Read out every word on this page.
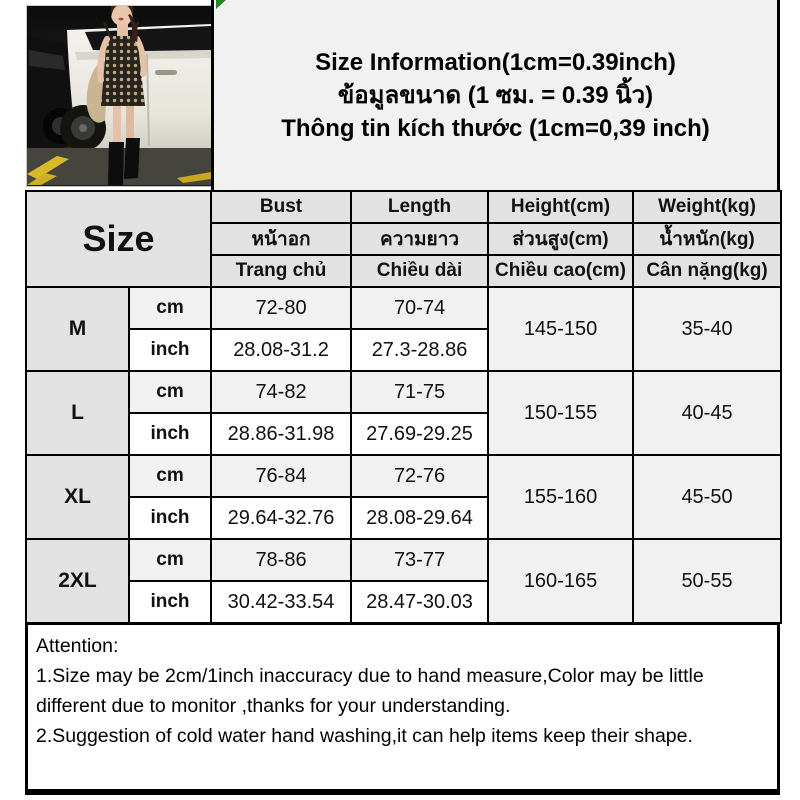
Size Information(1cm=0.39inch)
ข้อมูลขนาด (1 ซม. = 0.39 นิ้ว)
Thông tin kích thước (1cm=0,39 inch)
Size		Bust	Length	Height(cm)	Weight(kg)
		หน้าอก	ความยาว	ส่วนสูง(cm)	น้ำหนัก(kg)
		Trang chủ	Chiều dài	Chiều cao(cm)	Cân nặng(kg)
M	cm	72-80	70-74	145-150	35-40
	inch	28.08-31.2	27.3-28.86		
L	cm	74-82	71-75	150-155	40-45
	inch	28.86-31.98	27.69-29.25		
XL	cm	76-84	72-76	155-160	45-50
	inch	29.64-32.76	28.08-29.64		
2XL	cm	78-86	73-77	160-165	50-55
	inch	30.42-33.54	28.47-30.03		
Attention:
1.Size may be 2cm/1inch inaccuracy due to hand measure,Color may be little
different due to monitor ,thanks for your understanding.
2.Suggestion of cold water hand washing,it can help items keep their shape.
